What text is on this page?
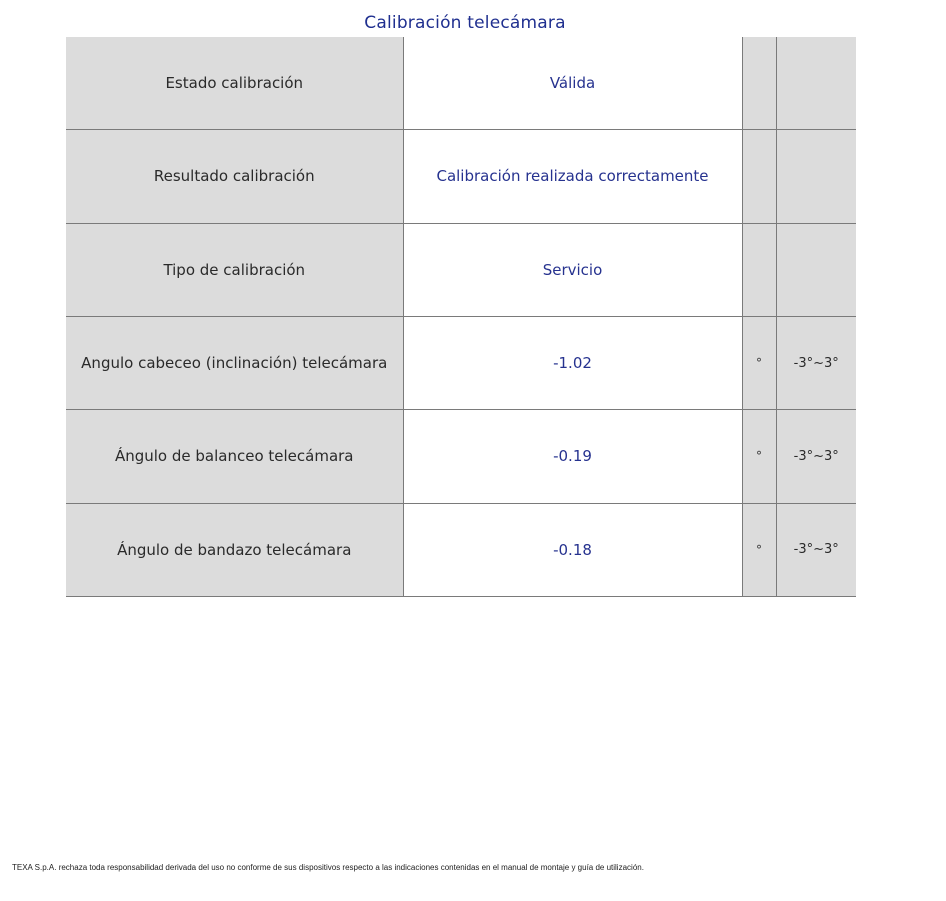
Calibración telecámara
Estado calibración	Válida		
Resultado calibración	Calibración realizada correctamente		
Tipo de calibración	Servicio		
Angulo cabeceo (inclinación) telecámara	-1.02	°	-3°~3°
Ángulo de balanceo telecámara	-0.19	°	-3°~3°
Ángulo de bandazo telecámara	-0.18	°	-3°~3°
TEXA S.p.A. rechaza toda responsabilidad derivada del uso no conforme de sus dispositivos respecto a las indicaciones contenidas en el manual de montaje y guía de utilización.
